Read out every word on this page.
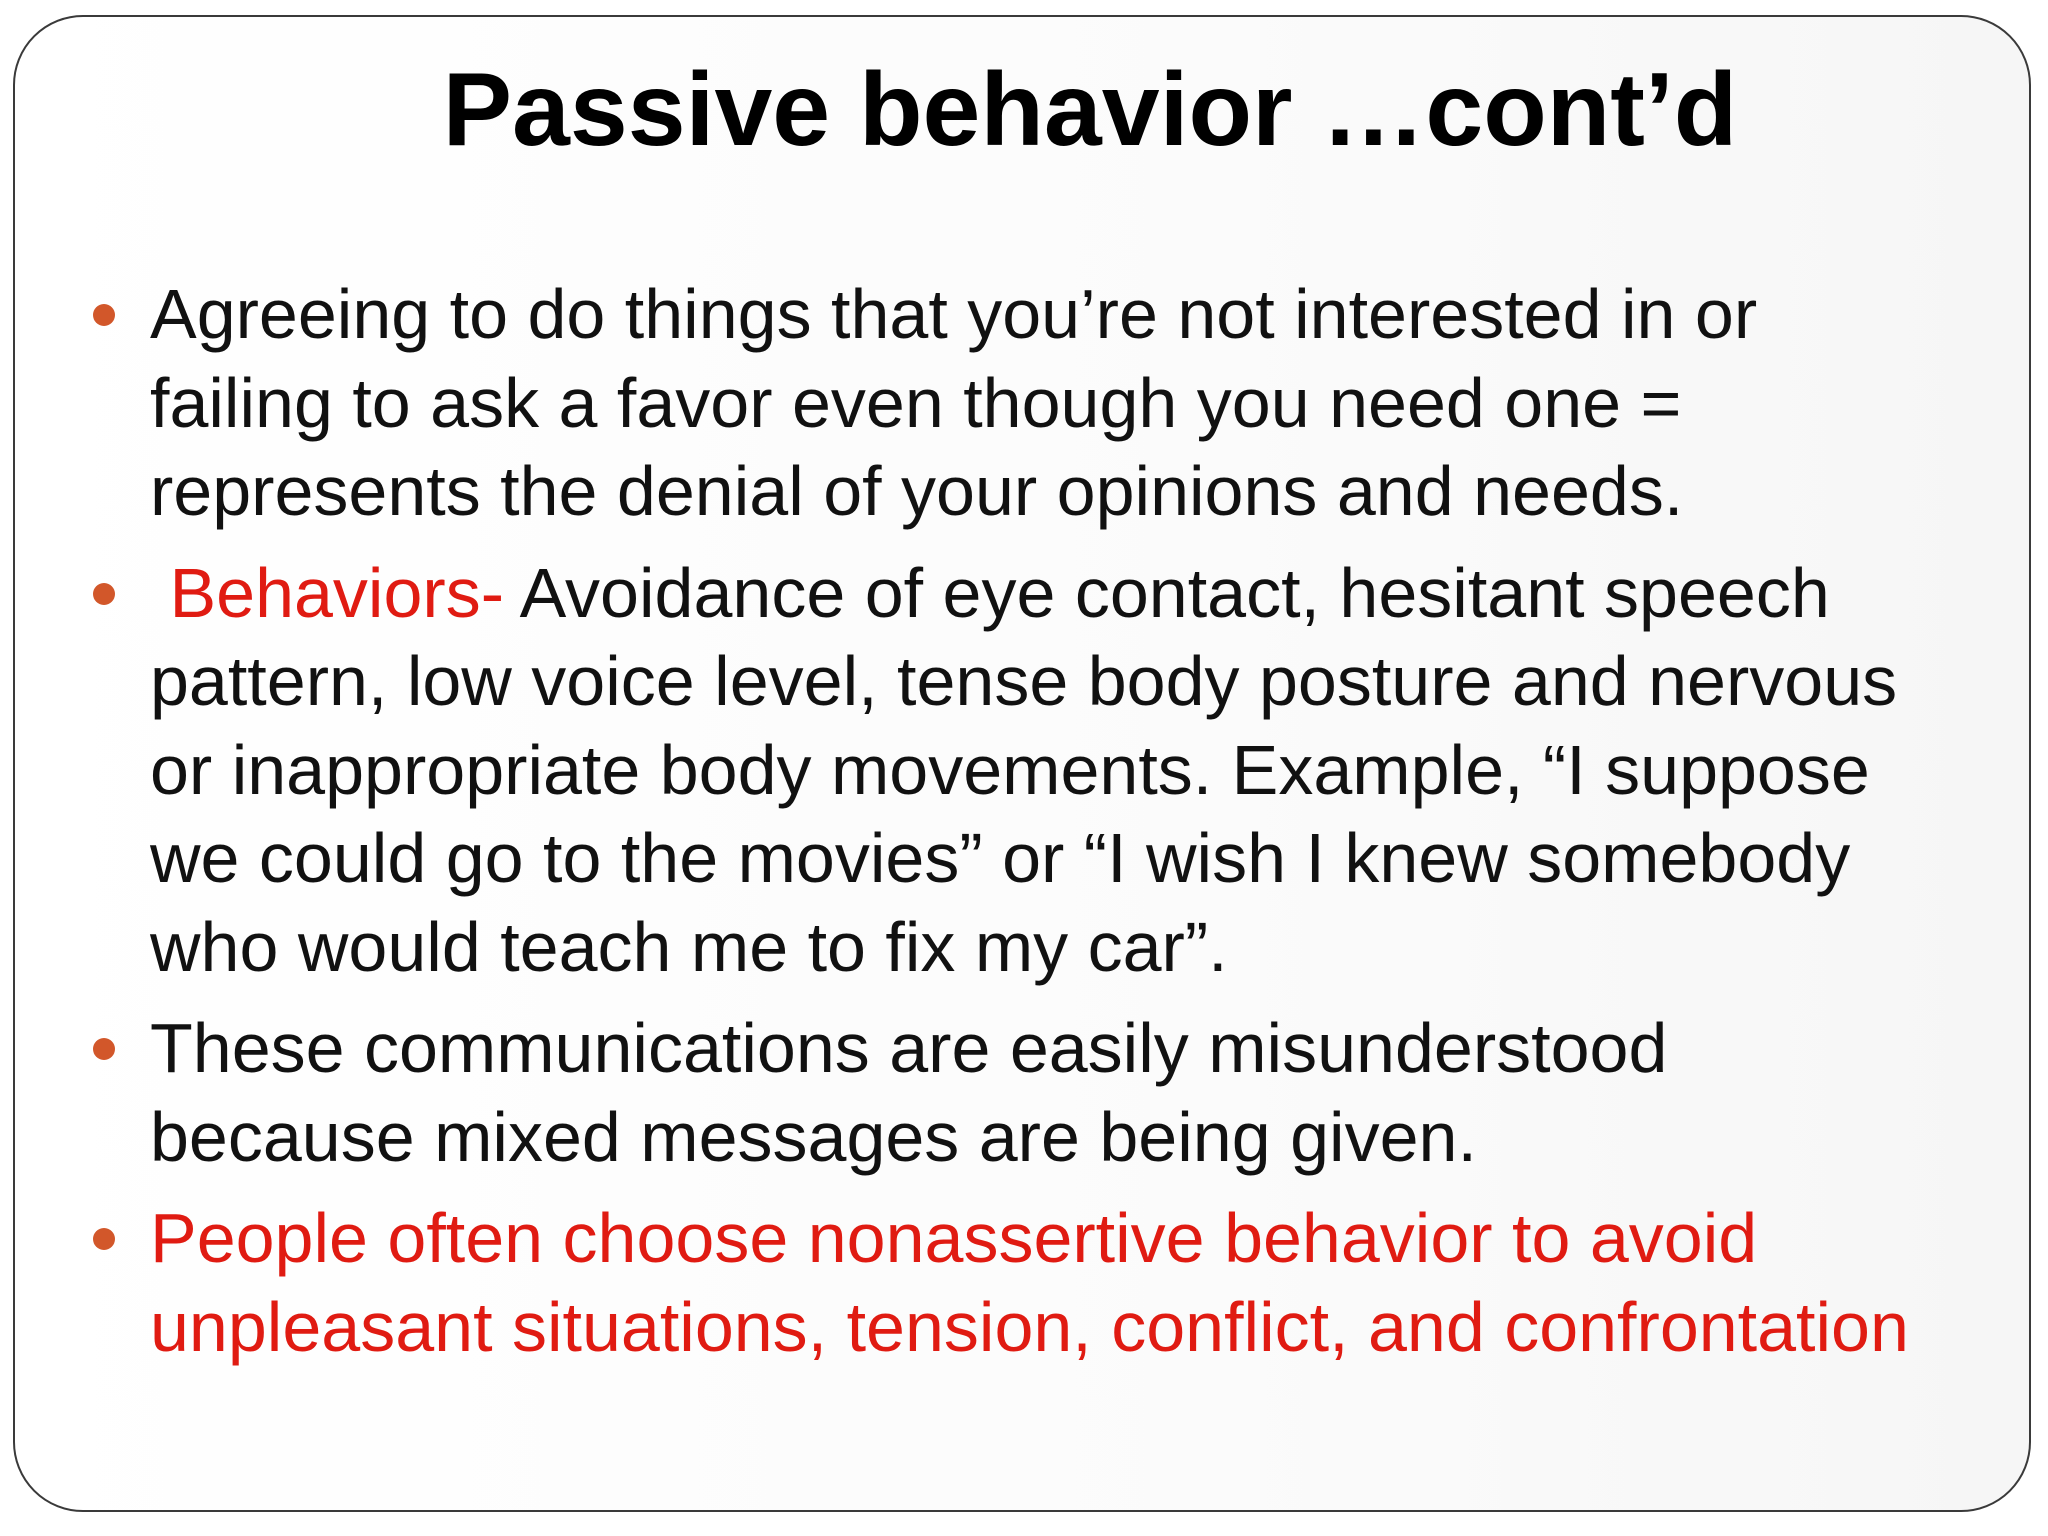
Passive behavior …cont’d
Agreeing to do things that you’re not interested in or failing to ask a favor even though you need one = represents the denial of your opinions and needs.
Behaviors- Avoidance of eye contact, hesitant speech pattern, low voice level, tense body posture and nervous or inappropriate body movements. Example, “I suppose we could go to the movies” or “I wish I knew somebody who would teach me to fix my car”.
These communications are easily misunderstood because mixed messages are being given.
People often choose nonassertive behavior to avoid unpleasant situations, tension, conflict, and confrontation
